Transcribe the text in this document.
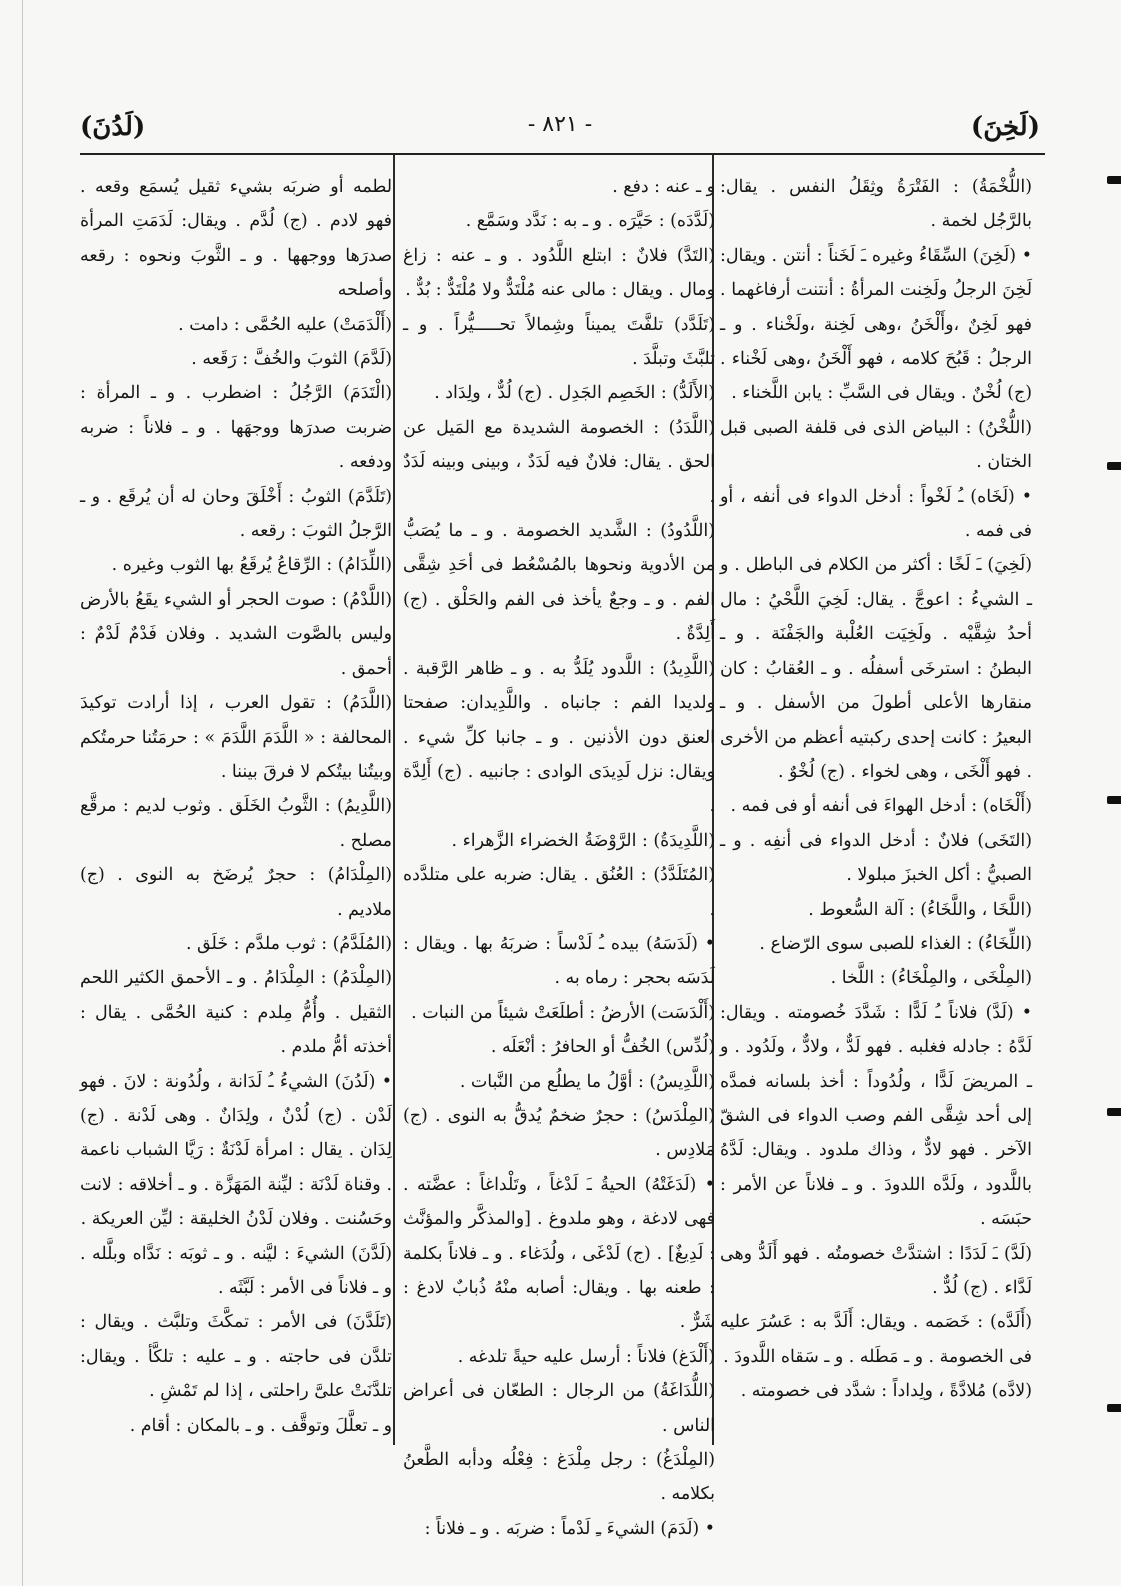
(لَخِنَ)
- ٨٢١ -
(لَدُنَ)

(اللُّخْمَةُ) : الفَتْرَةُ وثِقَلُ النفس . يقال: بالرَّجُل لخمة .

• (لَخِنَ) السِّقَاءُ وغيره ـَ لَخَناً : أنتن . ويقال: لَخِنَ الرجلُ ولَخِنت المرأةُ : أنتنت أرفاغهما . فهو لَخِنٌ ،وأَلْخَنُ ،وهى لَخِنة ،ولَخْناء . و ـ الرجلُ : قَبُحَ كلامه ، فهو أَلْخَنُ ،وهى لَخْناء . (ج) لُخْنٌ . ويقال فى السَّبِّ : يابن اللَّخناء .

(اللُّخْنُ) : البياض الذى فى قلفة الصبى قبل الختان .

• (لَخَاه) ـُ لَخْواً : أدخل الدواء فى أنفه ، أو فى فمه .

(لَخِيَ) ـَ لَخًا : أكثر من الكلام فى الباطل . و ـ الشيءُ : اعوجَّ . يقال: لَخِيَ اللَّحْيُ : مال أحدُ شِقَّيْه . ولَخِيَت العُلْبة والجَفْنَة . و ـ البطنُ : استرخَى أسفلُه . و ـ العُقابُ : كان منقارها الأعلى أطولَ من الأسفل . و ـ البعيرُ : كانت إحدى ركبتيه أعظم من الأخرى . فهو أَلْخَى ، وهى لخواء . (ج) لُخْوٌ .

(أَلْخَاه) : أدخل الهواءَ فى أنفه أو فى فمه .

(التَخَى) فلانٌ : أدخل الدواء فى أنفِه . و ـ الصبيُّ : أكل الخبزَ مبلولا .

(اللَّخَا ، واللَّخَاءُ) : آلة السُّعوط .

(اللِّخَاءُ) : الغذاء للصبى سوى الرّضاع .

(المِلْخَى ، والمِلْخَاءُ) : اللَّخا .

• (لَدَّ) فلاناً ـُ لَدًّا : شَدَّدَ خُصومته . ويقال: لَدَّهُ : جادله فغلبه . فهو لَدٌّ ، ولادٌّ ، ولَدُود . و ـ المريضَ لَدًّا ، ولُدُوداً : أخذ بلسانه فمدَّه إلى أحد شِقَّى الفم وصب الدواء فى الشقّ الآخر . فهو لادٌّ ، وذاك ملدود . ويقال: لَدَّهُ باللَّدود ، ولَدَّه اللدودَ . و ـ فلاناً عن الأمر : حبَسَه .

(لَدَّ) ـَ لَدَدًا : اشتدَّتْ خصومتُه . فهو أَلَدُّ وهى لَدَّاء . (ج) لُدٌّ .

(أَلَدَّه) : خَصَمه . ويقال: أَلَدَّ به : عَسُرَ عليه فى الخصومة . و ـ مَطَله . و ـ سَقاه اللَّدودَ .

(لادَّه) مُلادَّةً ، ولِداداً : شدَّد فى خصومته .

و ـ عنه : دفع .

(لَدَّدَه) : حَيَّرَه . و ـ به : نَدَّد وسَمَّع .

(التَدَّ) فلانٌ : ابتلع اللَّدُود . و ـ عنه : زاغ ومال . ويقال : مالى عنه مُلْتَدٌّ ولا مُلْتَدٌّ : بُدٌّ .

(تَلَدَّد) تلفَّتَ يميناً وشِمالاً تحـــــيُّراً . و ـ تلبَّثَ وتبلَّدَ .

(الأَلَدُّ) : الخَصِم الجَدِل . (ج) لُدٌّ ، ولِدَاد .

(اللَّدَدُ) : الخصومة الشديدة مع المَيل عن الحق . يقال: فلانٌ فيه لَدَدٌ ، وبينى وبينه لَدَدٌ .

(اللَّدُودُ) : الشَّديد الخصومة . و ـ ما يُصَبُّ من الأدوية ونحوها بالمُسْعُط فى أحَدِ شِقَّى الفم . و ـ وجعٌ يأخذ فى الفم والحَلْق . (ج) أَلِدَّةٌ .

(اللَّدِيدُ) : اللَّدود يُلَدُّ به . و ـ ظاهر الرَّقبة . ولديدا الفم : جانباه . واللَّدِيدان: صفحتا العنق دون الأذنين . و ـ جانبا كلِّ شيء . ويقال: نزل لَدِيدَى الوادى : جانبيه . (ج) أَلِدَّة .

(اللَّدِيدَةُ) : الرَّوْضَةُ الخضراء الزَّهراء .

(المُتَلَدَّدُ) : العُنُق . يقال: ضربه على متلدَّده .

• (لَدَسَهُ) بيده ـُ لَدْساً : ضربَهُ بها . ويقال : لَدَسَه بحجر : رماه به .

(أَلْدَسَت) الأرضُ : أطلَعَتْ شيئاً من النبات .

(لُدِّس) الخُفُّ أو الحافرُ : أنْعَلَه .

(اللَّدِيسُ) : أوَّلُ ما يطلُع من النَّبات .

(المِلْدَسُ) : حجرٌ ضخمٌ يُدقُّ به النوى . (ج) مَلادِس .

• (لَدَغَتْهُ) الحيةُ ـَ لَدْغاً ، وتَلْداغاً : عضَّته . فهى لادغة ، وهو ملدوغ . [والمذكَّر والمؤنَّث : لَدِيغٌ] . (ج) لَدْغَى ، ولُدَغاء . و ـ فلاناً بكلمة : طعنه بها . ويقال: أصابه منْهُ ذُبابٌ لادغ : شَرٌّ .

(أَلْدَغ) فلاناً : أرسل عليه حيةً تلدغه .

(اللُّدَاغَةُ) من الرجال : الطعّان فى أعراض الناس .

(المِلْدَغُ) : رجل مِلْدَغ : فِعْلُه ودأبه الطَّعنُ بكلامه .

• (لَدَمَ) الشيءَ ـِ لَدْماً : ضربَه . و ـ فلاناً :

لطمه أو ضربَه بشيء ثقيل يُسمَع وقعه . فهو لادم . (ج) لُدَّم . ويقال: لَدَمَتِ المرأة صدرَها ووجهها . و ـ الثَّوبَ ونحوه : رقعه وأصلحه

(أَلْدَمَتْ) عليه الحُمَّى : دامت .

(لَدَّمَ) الثوبَ والخُفَّ : رَقَعه .

(الْتَدَمَ) الرَّجُلُ : اضطرب . و ـ المرأة : ضربت صدرَها ووجهَها . و ـ فلاناً : ضربه ودفعه .

(تَلَدَّمَ) الثوبُ : أَخْلَقَ وحان له أن يُرقَع . و ـ الرَّجلُ الثوبَ : رقعه .

(اللِّدَامُ) : الرِّقاعُ يُرقَعُ بها الثوب وغيره .

(اللَّدْمُ) : صوت الحجر أو الشيء يقَعُ بالأرض وليس بالصَّوت الشديد . وفلان فَدْمٌ لَدْمٌ : أحمق .

(اللَّدَمُ) : تقول العرب ، إذا أرادت توكيدَ المحالفة : « اللَّدَمَ اللَّدَمَ » : حرمَتُنا حرمتُكم وبيتُنا بيتُكم لا فرقَ بيننا .

(اللَّدِيمُ) : الثَّوبُ الخَلَق . وثوب لديم : مرقَّع مصلح .

(المِلْدَامُ) : حجرٌ يُرضَخ به النوى . (ج) ملاديم .

(المُلَدَّمُ) : ثوب ملدَّم : خَلَق .

(المِلْدَمُ) : المِلْدَامُ . و ـ الأحمق الكثير اللحم الثقيل . وأُمُّ مِلدم : كنية الحُمَّى . يقال : أخذته أمُّ ملدم .

• (لَدُنَ) الشيءُ ـُ لَدَانة ، ولُدُونة : لانَ . فهو لَدْن . (ج) لُدْنٌ ، ولِدَانٌ . وهى لَدْنة . (ج) لِدَان . يقال : امرأة لَدْنَةٌ : رَيَّا الشباب ناعمة . وقناة لَدْنَة : ليِّنة المَهَزَّة . و ـ أخلاقه : لانت وحَسُنت . وفلان لَدْنُ الخليقة : ليِّن العريكة .

(لَدَّنَ) الشيءَ : ليَّنه . و ـ ثوبَه : نَدَّاه وبلَّله . و ـ فلاناً فى الأمر : لَبَّثَه .

(تَلَدَّنَ) فى الأمر : تمكَّثَ وتلبَّث . ويقال : تلدَّن فى حاجته . و ـ عليه : تلكَّأ . ويقال: تلدَّنَتْ علىَّ راحلتى ، إذا لم تَمْشِ .

و ـ تعلَّلَ وتوقَّف . و ـ بالمكان : أقام .
